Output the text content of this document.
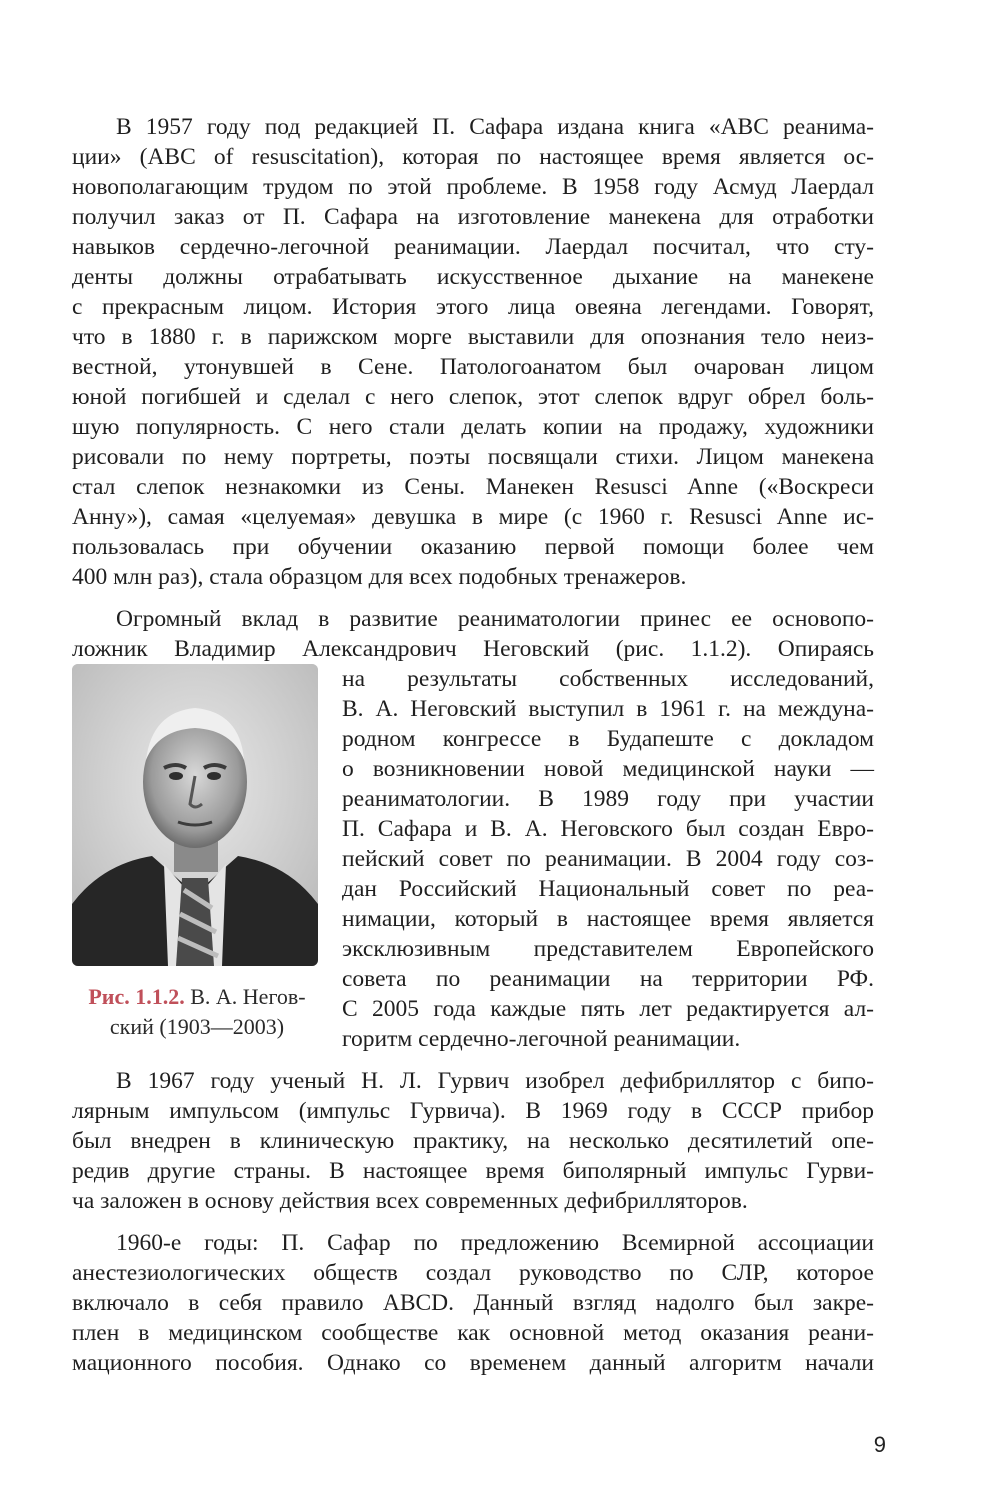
В 1957 году под редакцией П. Сафара издана книга «АВС реанима-
ции» (ABC of resuscitation), которая по настоящее время является ос-
новополагающим трудом по этой проблеме. В 1958 году Асмуд Лаердал
получил заказ от П. Сафара на изготовление манекена для отработки
навыков сердечно-легочной реанимации. Лаердал посчитал, что сту-
денты должны отрабатывать искусственное дыхание на манекене
с прекрасным лицом. История этого лица овеяна легендами. Говорят,
что в 1880 г. в парижском морге выставили для опознания тело неиз-
вестной, утонувшей в Сене. Патологоанатом был очарован лицом
юной погибшей и сделал с него слепок, этот слепок вдруг обрел боль-
шую популярность. С него стали делать копии на продажу, художники
рисовали по нему портреты, поэты посвящали стихи. Лицом манекена
стал слепок незнакомки из Сены. Манекен Resusci Anne («Воскреси
Анну»), самая «целуемая» девушка в мире (с 1960 г. Resusci Anne ис-
пользовалась при обучении оказанию первой помощи более чем
400 млн раз), стала образцом для всех подобных тренажеров.
Огромный вклад в развитие реаниматологии принес ее основопо-
ложник Владимир Александрович Неговский (рис. 1.1.2). Опираясь
на результаты собственных исследований,
В. А. Неговский выступил в 1961 г. на междуна-
родном конгрессе в Будапеште с докладом
о возникновении новой медицинской науки —
реаниматологии. В 1989 году при участии
П. Сафара и В. А. Неговского был создан Евро-
пейский совет по реанимации. В 2004 году соз-
дан Российский Национальный совет по реа-
нимации, который в настоящее время является
эксклюзивным представителем Европейского
совета по реанимации на территории РФ.
С 2005 года каждые пять лет редактируется ал-
горитм сердечно-легочной реанимации.
В 1967 году ученый Н. Л. Гурвич изобрел дефибриллятор с бипо-
лярным импульсом (импульс Гурвича). В 1969 году в СССР прибор
был внедрен в клиническую практику, на несколько десятилетий опе-
редив другие страны. В настоящее время биполярный импульс Гурви-
ча заложен в основу действия всех современных дефибрилляторов.
1960-е годы: П. Сафар по предложению Всемирной ассоциации
анестезиологических обществ создал руководство по СЛР, которое
включало в себя правило ABCD. Данный взгляд надолго был закре-
плен в медицинском сообществе как основной метод оказания реани-
мационного пособия. Однако со временем данный алгоритм начали
Рис. 1.1.2. В. А. Негов-
ский (1903—2003)
9
